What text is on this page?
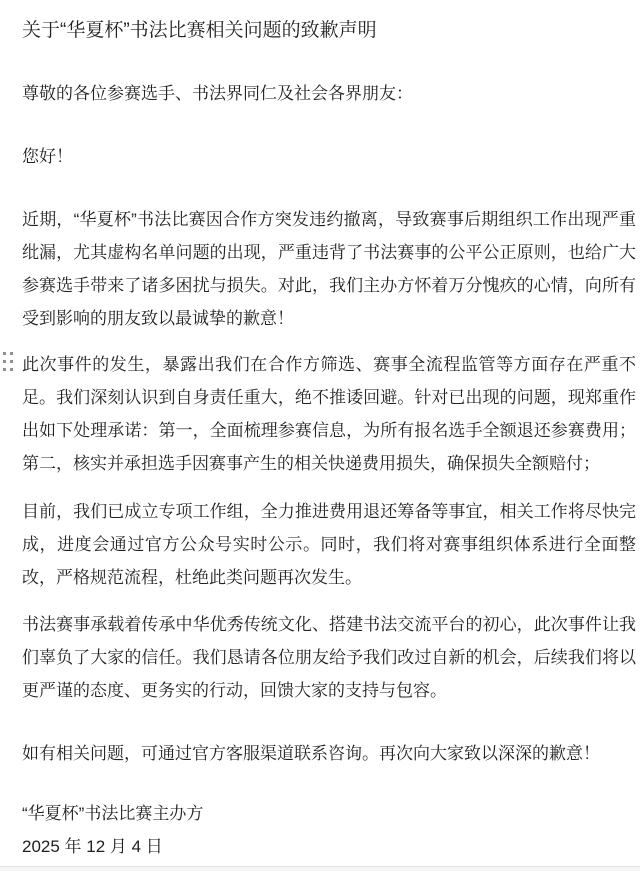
关于“华夏杯”书法比赛相关问题的致歉声明

尊敬的各位参赛选手、书法界同仁及社会各界朋友：

您好！

近期，“华夏杯”书法比赛因合作方突发违约撤离，导致赛事后期组织工作出现严重纰漏，尤其虚构名单问题的出现，严重违背了书法赛事的公平公正原则，也给广大参赛选手带来了诸多困扰与损失。对此，我们主办方怀着万分愧疚的心情，向所有受到影响的朋友致以最诚挚的歉意！

此次事件的发生，暴露出我们在合作方筛选、赛事全流程监管等方面存在严重不足。我们深刻认识到自身责任重大，绝不推诿回避。针对已出现的问题，现郑重作出如下处理承诺：第一，全面梳理参赛信息，为所有报名选手全额退还参赛费用；第二，核实并承担选手因赛事产生的相关快递费用损失，确保损失全额赔付；

目前，我们已成立专项工作组，全力推进费用退还筹备等事宜，相关工作将尽快完成，进度会通过官方公众号实时公示。同时，我们将对赛事组织体系进行全面整改，严格规范流程，杜绝此类问题再次发生。

书法赛事承载着传承中华优秀传统文化、搭建书法交流平台的初心，此次事件让我们辜负了大家的信任。我们恳请各位朋友给予我们改过自新的机会，后续我们将以更严谨的态度、更务实的行动，回馈大家的支持与包容。

如有相关问题，可通过官方客服渠道联系咨询。再次向大家致以深深的歉意！

“华夏杯”书法比赛主办方

2025 年 12 月 4 日
